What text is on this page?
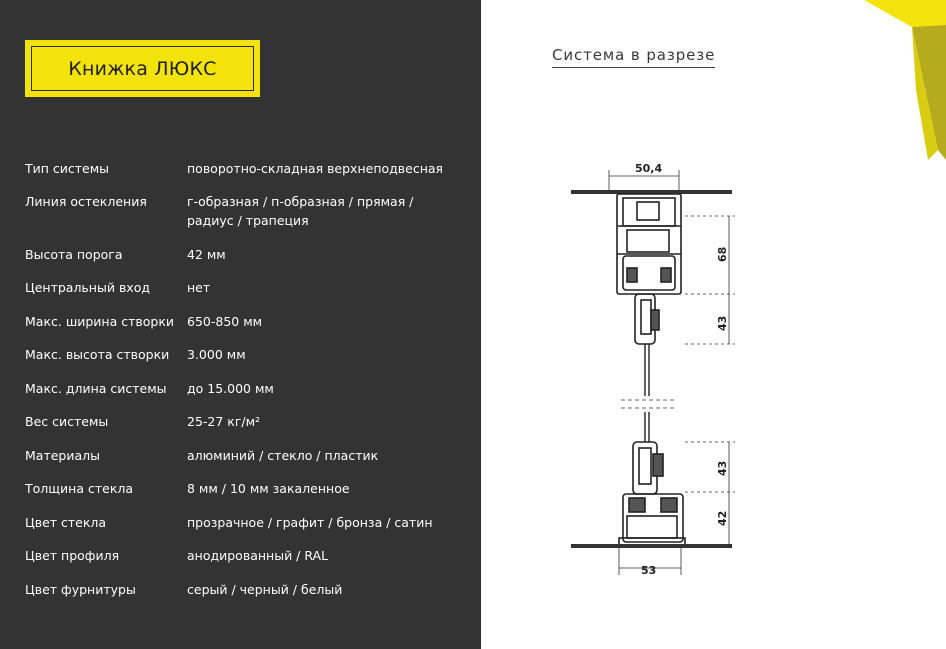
Книжка ЛЮКС
Тип системы	поворотно-складная верхнеподвесная
Линия остекления	г-образная / п-образная / прямая / радиус / трапеция
Высота порога	42 мм
Центральный вход	нет
Макс. ширина створки	650-850 мм
Макс. высота створки	3.000 мм
Макс. длина системы	до 15.000 мм
Вес системы	25-27 кг/м²
Материалы	алюминий / стекло / пластик
Толщина стекла	8 мм / 10 мм закаленное
Цвет стекла	прозрачное / графит / бронза / сатин
Цвет профиля	анодированный / RAL
Цвет фурнитуры	серый / черный / белый
Система в разрезе
50,4
68
43
43
42
53
